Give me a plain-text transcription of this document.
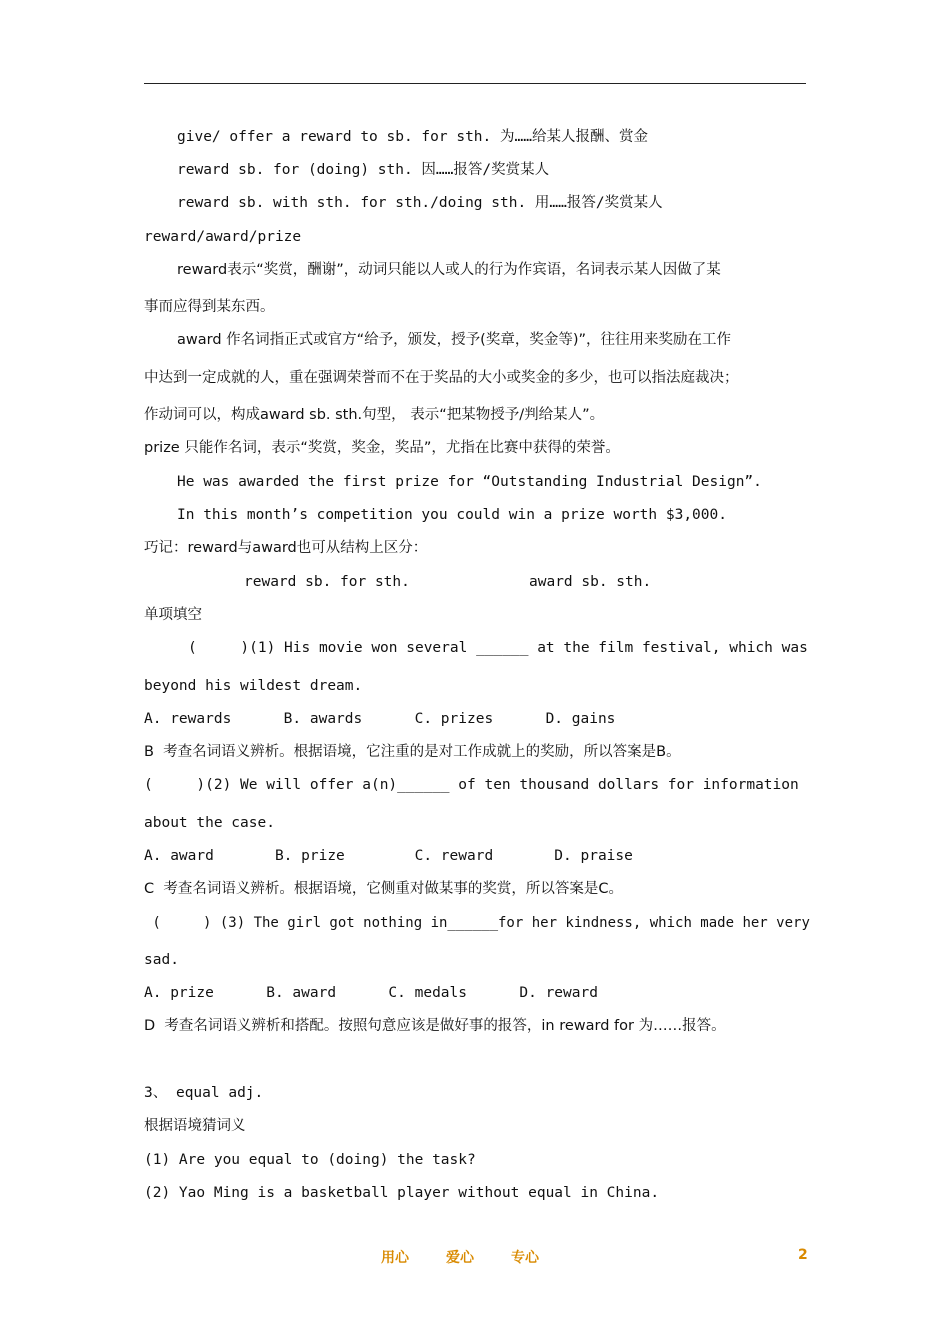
give/ offer a reward to sb. for sth. 为……给某人报酬、赏金
reward sb. for (doing) sth. 因……报答/奖赏某人
reward sb. with sth. for sth./doing sth. 用……报答/奖赏某人
reward/award/prize
reward表示“奖赏，酬谢”，动词只能以人或人的行为作宾语，名词表示某人因做了某
事而应得到某东西。
award 作名词指正式或官方“给予，颁发，授予(奖章，奖金等)”，往往用来奖励在工作
中达到一定成就的人，重在强调荣誉而不在于奖品的大小或奖金的多少，也可以指法庭裁决；
作动词可以，构成award sb. sth.句型， 表示“把某物授予/判给某人”。
prize 只能作名词，表示“奖赏，奖金，奖品”，尤指在比赛中获得的荣誉。
He was awarded the first prize for “Outstanding Industrial Design”.
In this month’s competition you could win a prize worth $3,000.
巧记：reward与award也可从结构上区分：
reward sb. for sth.	award sb. sth.
单项填空
(     )(1) His movie won several ______ at the film festival, which was
beyond his wildest dream.
A. rewards      B. awards      C. prizes      D. gains
B  考查名词语义辨析。根据语境，它注重的是对工作成就上的奖励，所以答案是B。
(     )(2) We will offer a(n)______ of ten thousand dollars for information
about the case.
A. award       B. prize        C. reward       D. praise
C  考查名词语义辨析。根据语境，它侧重对做某事的奖赏，所以答案是C。
(     ) (3) The girl got nothing in______for her kindness, which made her very
sad.
A. prize      B. award      C. medals      D. reward
D  考查名词语义辨析和搭配。按照句意应该是做好事的报答，in reward for 为……报答。
3、 equal adj.
根据语境猜词义
(1) Are you equal to (doing) the task?
(2) Yao Ming is a basketball player without equal in China.
用心	爱心	专心	2
